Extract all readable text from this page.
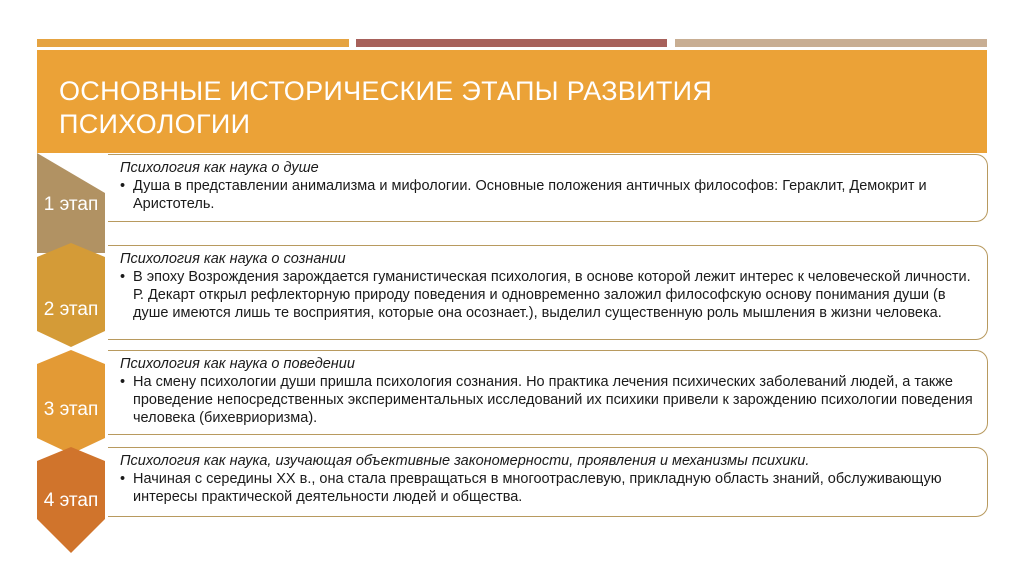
ОСНОВНЫЕ ИСТОРИЧЕСКИЕ ЭТАПЫ РАЗВИТИЯ ПСИХОЛОГИИ
1 этап
Психология как наука о душе
• Душа в представлении анимализма и мифологии. Основные положения античных философов: Гераклит, Демокрит и Аристотель.
2 этап
Психология как наука о сознании
• В эпоху Возрождения зарождается гуманистическая психология, в основе которой лежит интерес к человеческой личности. Р. Декарт открыл рефлекторную природу поведения и одновременно заложил философскую основу понимания души (в душе имеются лишь те восприятия, которые она осознает.), выделил существенную роль мышления в жизни человека.
3 этап
Психология как наука о поведении
• На смену психологии души пришла психология сознания. Но практика лечения психических заболеваний людей, а также проведение непосредственных экспериментальных исследований их психики привели к зарождению психологии поведения человека (бихевриоризма).
4 этап
Психология как наука, изучающая объективные закономерности, проявления и механизмы психики.
• Начиная с середины XX в., она стала превращаться в многоотраслевую, прикладную область знаний, обслуживающую интересы практической деятельности людей и общества.
